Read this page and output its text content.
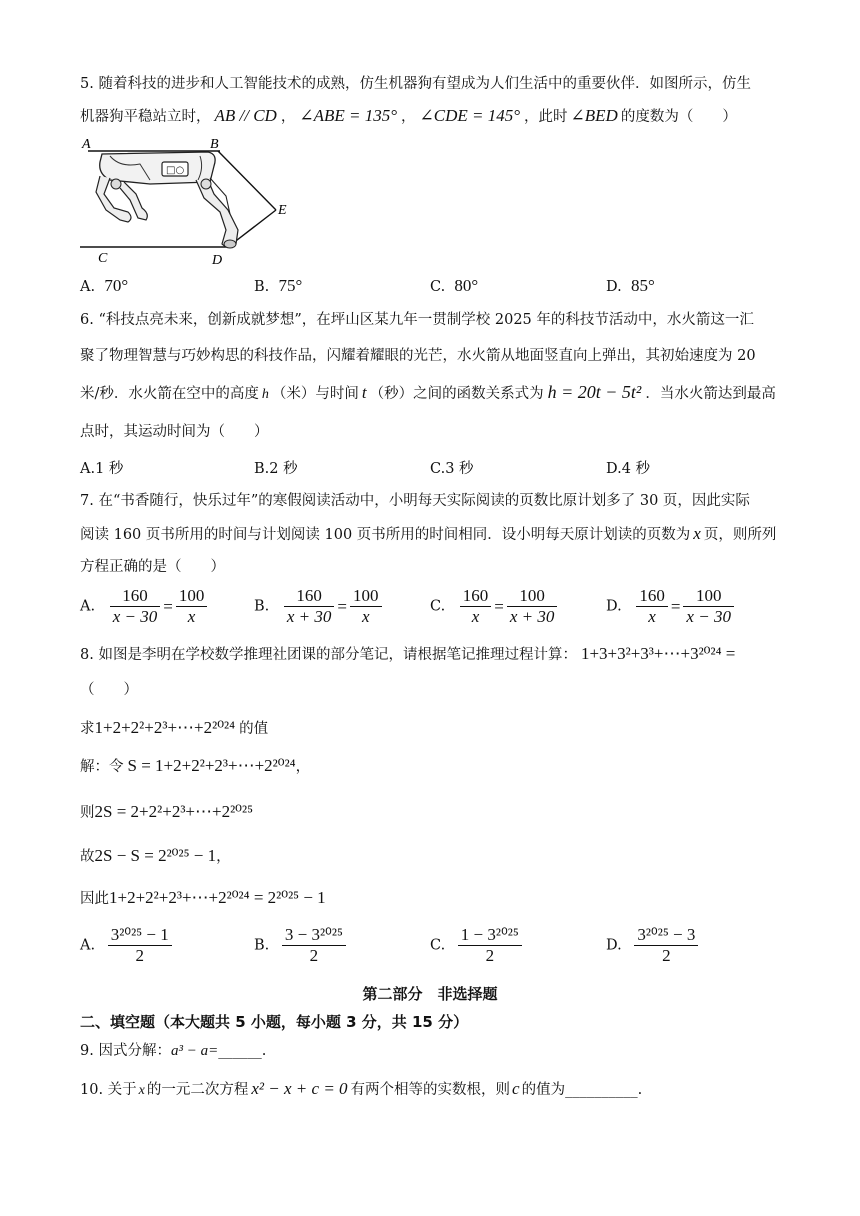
5. 随着科技的进步和人工智能技术的成熟，仿生机器狗有望成为人们生活中的重要伙伴．如图所示，仿生
机器狗平稳站立时， AB // CD ， ∠ABE = 135° ， ∠CDE = 145° ，此时 ∠BED 的度数为（　　）
□○
A	B
C	D
E
A. 70°	B. 75°	C. 80°	D. 85°
6. “科技点亮未来，创新成就梦想”，在坪山区某九年一贯制学校 2025 年的科技节活动中，水火箭这一汇
聚了物理智慧与巧妙构思的科技作品，闪耀着耀眼的光芒，水火箭从地面竖直向上弹出，其初始速度为 20
米/秒．水火箭在空中的高度 h （米）与时间 t （秒）之间的函数关系式为 h = 20t − 5t² ．当水火箭达到最高
点时，其运动时间为（　　）
A.1 秒	B.2 秒	C.3 秒	D.4 秒
7. 在“书香随行，快乐过年”的寒假阅读活动中，小明每天实际阅读的页数比原计划多了 30 页，因此实际
阅读 160 页书所用的时间与计划阅读 100 页书所用的时间相同．设小明每天原计划读的页数为 x 页，则所列
方程正确的是（　　）
A. $\frac{160}{x - 30} = \frac{100}{x}$	B. $\frac{160}{x + 30} = \frac{100}{x}$	C. $\frac{160}{x} = \frac{100}{x + 30}$	D. $\frac{160}{x} = \frac{100}{x - 30}$
8. 如图是李明在学校数学推理社团课的部分笔记，请根据笔记推理过程计算： 1+3+3²+3³+⋯+3²⁰²⁴ =
（　　）
求1+2+2²+2³+⋯+2²⁰²⁴ 的值
解：令 S = 1+2+2²+2³+⋯+2²⁰²⁴，
则2S = 2+2²+2³+⋯+2²⁰²⁵
故2S − S = 2²⁰²⁵ − 1，
因此1+2+2²+2³+⋯+2²⁰²⁴ = 2²⁰²⁵ − 1
A. $\frac{\text{3²⁰²⁵ − 1}}{2}$	B. $\frac{\text{3 − 3²⁰²⁵}}{2}$	C. $\frac{\text{1 − 3²⁰²⁵}}{2}$	D. $\frac{\text{3²⁰²⁵ − 3}}{2}$
第二部分　非选择题
二、填空题（本大题共 5 小题，每小题 3 分，共 15 分）
9. 因式分解：a³ − a=______.
10. 关于 x 的一元二次方程 x² − x + c = 0 有两个相等的实数根，则 c 的值为__________.
